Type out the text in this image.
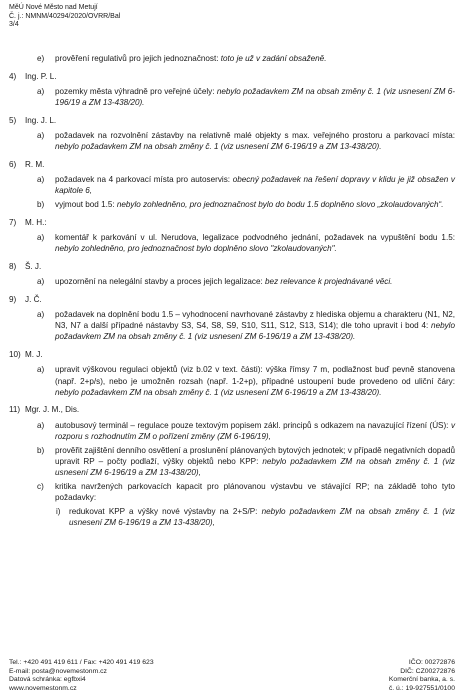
MěÚ Nové Město nad Metují
Č. j.: NMNM/40294/2020/OVRR/Bal
3/4
e) prověření regulativů pro jejich jednoznačnost: toto je už v zadání obsaženě.
4) Ing. P. L.
a) pozemky města výhradně pro veřejné účely: nebylo požadavkem ZM na obsah změny č. 1 (viz usnesení ZM 6-196/19 a ZM 13-438/20).
5) Ing. J. L.
a) požadavek na rozvolnění zástavby na relativně malé objekty s max. veřejného prostoru a parkovací místa: nebylo požadavkem ZM na obsah změny č. 1 (viz usnesení ZM 6-196/19 a ZM 13-438/20).
6) R. M.
a) požadavek na 4 parkovací místa pro autoservis: obecný požadavek na řešení dopravy v klidu je již obsažen v kapitole 6,
b) vyjmout bod 1.5: nebylo zohledněno, pro jednoznačnost bylo do bodu 1.5 doplněno slovo „zkolaudovaných“.
7) M. H.:
a) komentář k parkování v ul. Nerudova, legalizace podvodného jednání, požadavek na vypuštění bodu 1.5: nebylo zohledněno, pro jednoznačnost bylo doplněno slovo "zkolaudovaných".
8) Š. J.
a) upozornění na nelegální stavby a proces jejich legalizace: bez relevance k projednávané věci.
9) J. Č.
a) požadavek na doplnění bodu 1.5 – vyhodnocení navrhované zástavby z hlediska objemu a charakteru (N1, N2, N3, N7 a další případné nástavby S3, S4, S8, S9, S10, S11, S12, S13, S14); dle toho upravit i bod 4: nebylo požadavkem ZM na obsah změny č. 1 (viz usnesení ZM 6-196/19 a ZM 13-438/20).
10) M. J.
a) upravit výškovou regulaci objektů (viz b.02 v text. části): výška římsy 7 m, podlažnost buď pevně stanovena (např. 2+p/s), nebo je umožněn rozsah (např. 1-2+p), případné ustoupení bude provedeno od uliční čáry: nebylo požadavkem ZM na obsah změny č. 1 (viz usnesení ZM 6-196/19 a ZM 13-438/20).
11) Mgr. J. M., Dis.
a) autobusový terminál – regulace pouze textovým popisem zákl. principů s odkazem na navazující řízení (ÚS): v rozporu s rozhodnutím ZM o pořízení změny (ZM 6-196/19),
b) prověřit zajištění denního osvětlení a proslunění plánovaných bytových jednotek; v případě negativních dopadů upravit RP – počty podlaží, výšky objektů nebo KPP: nebylo požadavkem ZM na obsah změny č. 1 (viz usnesení ZM 6-196/19 a ZM 13-438/20),
c) kritika navržených parkovacích kapacit pro plánovanou výstavbu ve stávající RP; na základě toho tyto požadavky:
i) redukovat KPP a výšky nové výstavby na 2+S/P: nebylo požadavkem ZM na obsah změny č. 1 (viz usnesení ZM 6-196/19 a ZM 13-438/20),
Tel.: +420 491 419 611 / Fax: +420 491 419 623
E-mail: posta@novemestonm.cz
Datová schránka: egfbxi4
www.novemestonm.cz
IČO: 00272876
DIČ: CZ00272876
Komerční banka, a. s.
č. ú.: 19-927551/0100
